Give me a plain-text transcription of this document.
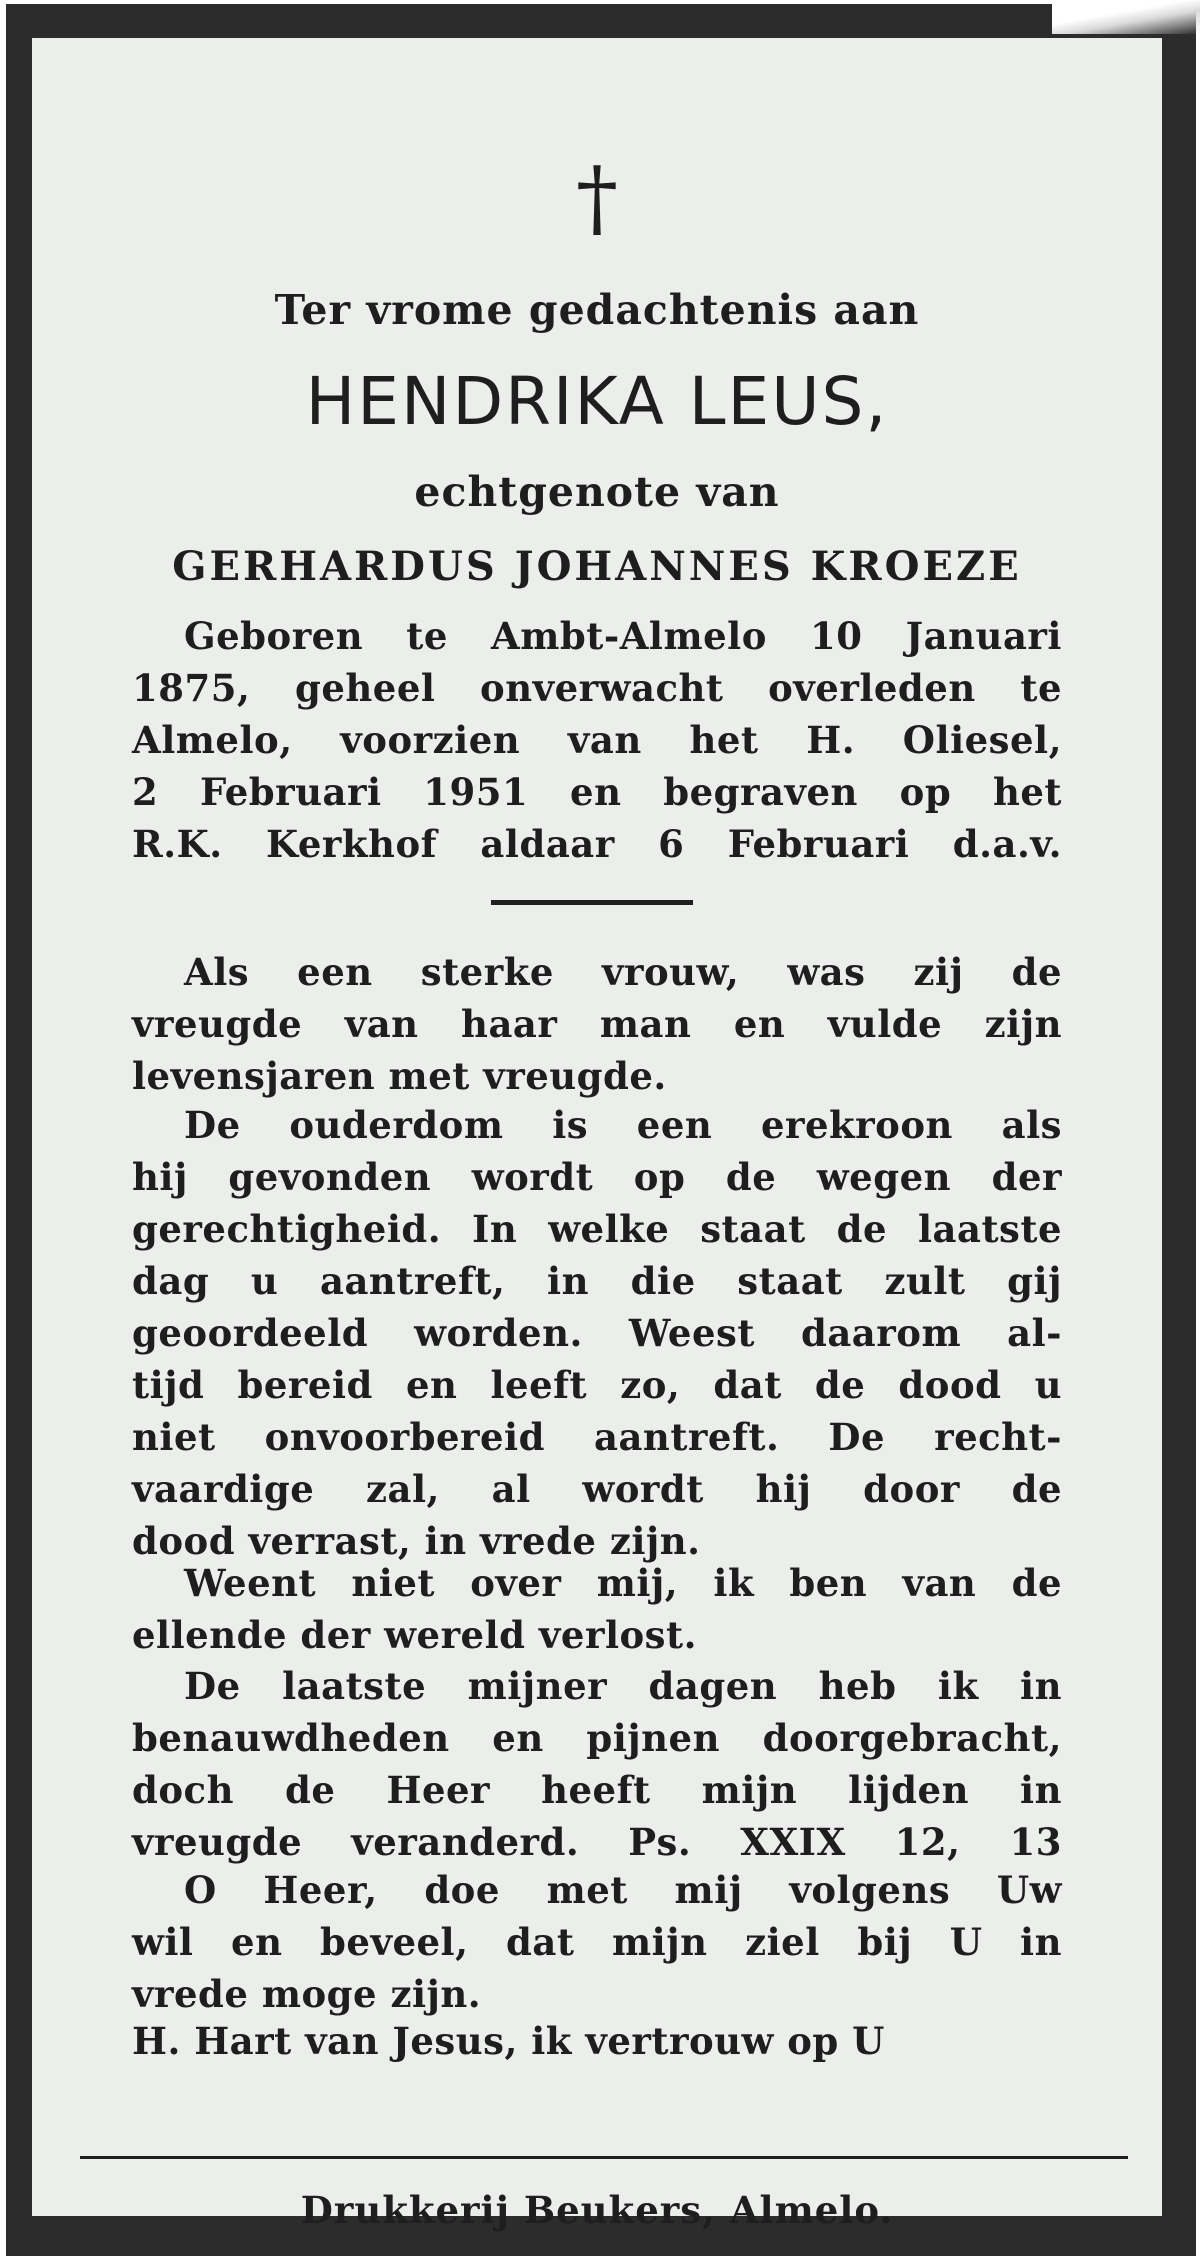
†
Ter vrome gedachtenis aan
HENDRIKA LEUS,
echtgenote van
GERHARDUS JOHANNES KROEZE
Geboren te Ambt-Almelo 10 Januari
1875, geheel onverwacht overleden te
Almelo, voorzien van het H. Oliesel,
2 Februari 1951 en begraven op het
R.K. Kerkhof aldaar 6 Februari d.a.v.
Als een sterke vrouw, was zij de
vreugde van haar man en vulde zijn
levensjaren met vreugde.
De ouderdom is een erekroon als
hij gevonden wordt op de wegen der
gerechtigheid. In welke staat de laatste
dag u aantreft, in die staat zult gij
geoordeeld worden. Weest daarom al-
tijd bereid en leeft zo, dat de dood u
niet onvoorbereid aantreft. De recht-
vaardige zal, al wordt hij door de
dood verrast, in vrede zijn.
Weent niet over mij, ik ben van de
ellende der wereld verlost.
De laatste mijner dagen heb ik in
benauwdheden en pijnen doorgebracht,
doch de Heer heeft mijn lijden in
vreugde veranderd. Ps. XXIX 12, 13
O Heer, doe met mij volgens Uw
wil en beveel, dat mijn ziel bij U in
vrede moge zijn.
H. Hart van Jesus, ik vertrouw op U
Drukkerij Beukers, Almelo.
